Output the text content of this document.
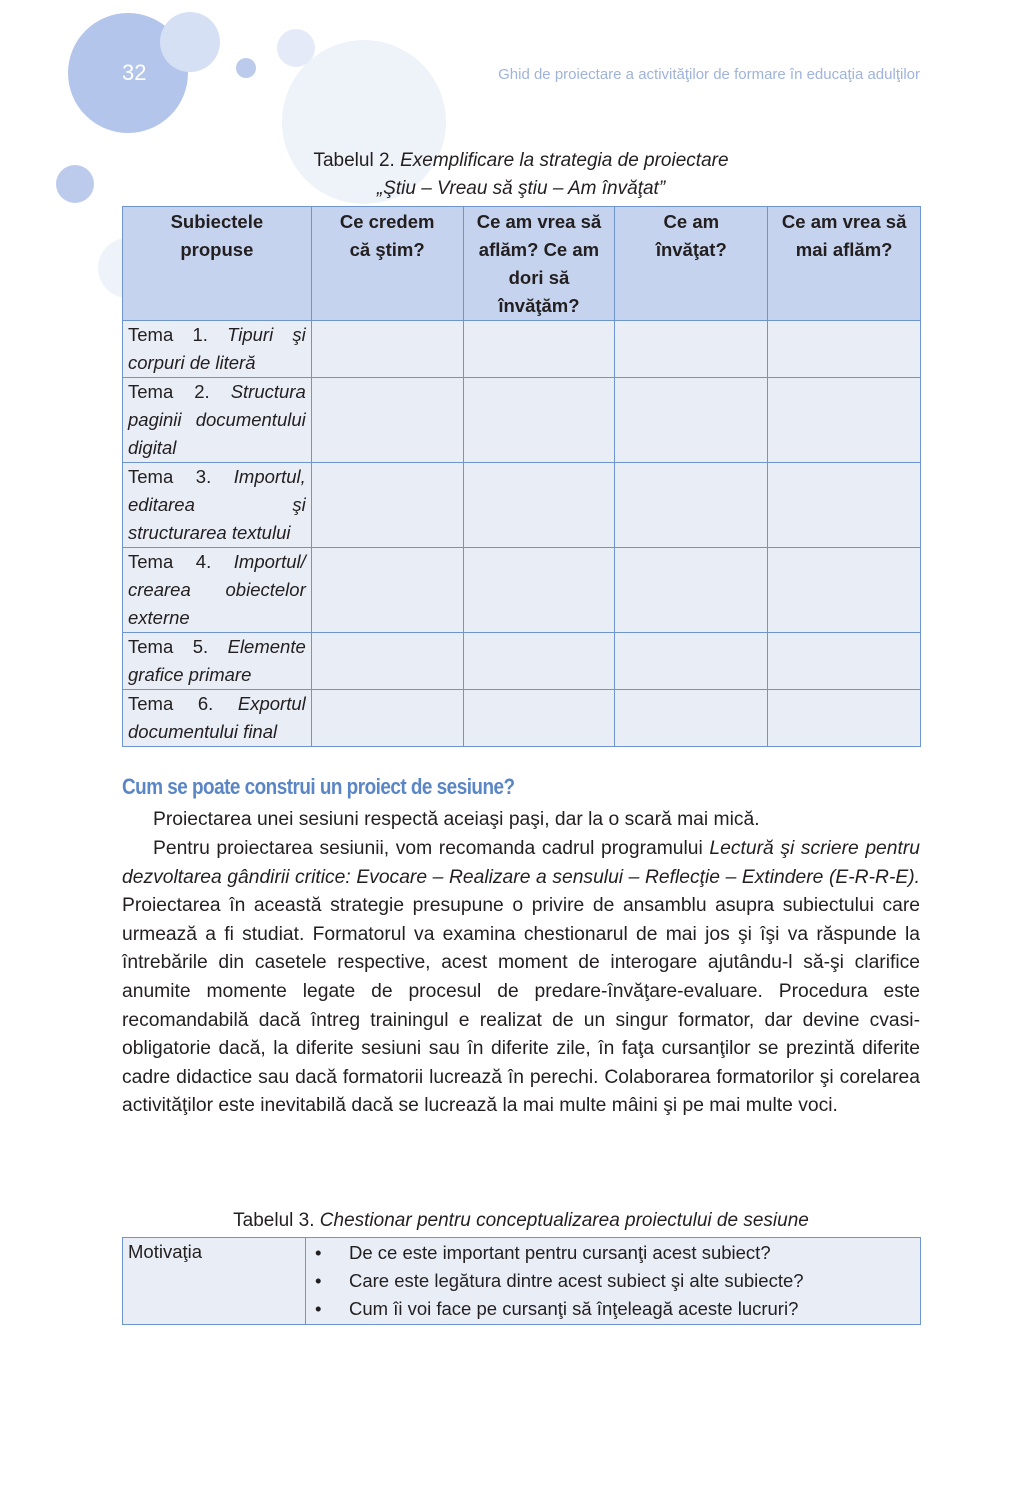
32	Ghid de proiectare a activităţilor de formare în educaţia adulţilor
Tabelul 2. Exemplificare la strategia de proiectare
„Ştiu – Vreau să ştiu – Am învăţat”
Subiectele propuse	Ce credem că ştim?	Ce am vrea să aflăm? Ce am dori să învăţăm?	Ce am învăţat?	Ce am vrea să mai aflăm?
Tema 1. Tipuri şi corpuri de literă				
Tema 2. Structura paginii documentului digital				
Tema 3. Importul, editarea şi structurarea textului				
Tema 4. Importul/ crearea obiectelor externe				
Tema 5. Elemente grafice primare				
Tema 6. Exportul documentului final				
Cum se poate construi un proiect de sesiune?

Proiectarea unei sesiuni respectă aceiaşi paşi, dar la o scară mai mică.

Pentru proiectarea sesiunii, vom recomanda cadrul programului Lectură şi scriere pentru dezvoltarea gândirii critice: Evocare – Realizare a sensului – Reflecţie – Extindere (E-R-R-E). Proiectarea în această strategie presupune o privire de ansamblu asupra subiectului care urmează a fi studiat. Formatorul va examina chestionarul de mai jos şi îşi va răspunde la întrebările din casetele respective, acest moment de interogare ajutându-l să-şi clarifice anumite momente legate de procesul de predare-învăţare-evaluare. Procedura este recomandabilă dacă întreg trainingul e realizat de un singur formator, dar devine cvasi-obligatorie dacă, la diferite sesiuni sau în diferite zile, în faţa cursanţilor se prezintă diferite cadre didactice sau dacă formatorii lucrează în perechi. Colaborarea formatorilor şi corelarea activităţilor este inevitabilă dacă se lucrează la mai multe mâini şi pe mai multe voci.

Tabelul 3. Chestionar pentru conceptualizarea proiectului de sesiune
Motivaţia	• De ce este important pentru cursanţi acest subiect?
• Care este legătura dintre acest subiect şi alte subiecte?
• Cum îi voi face pe cursanţi să înţeleagă aceste lucruri?
